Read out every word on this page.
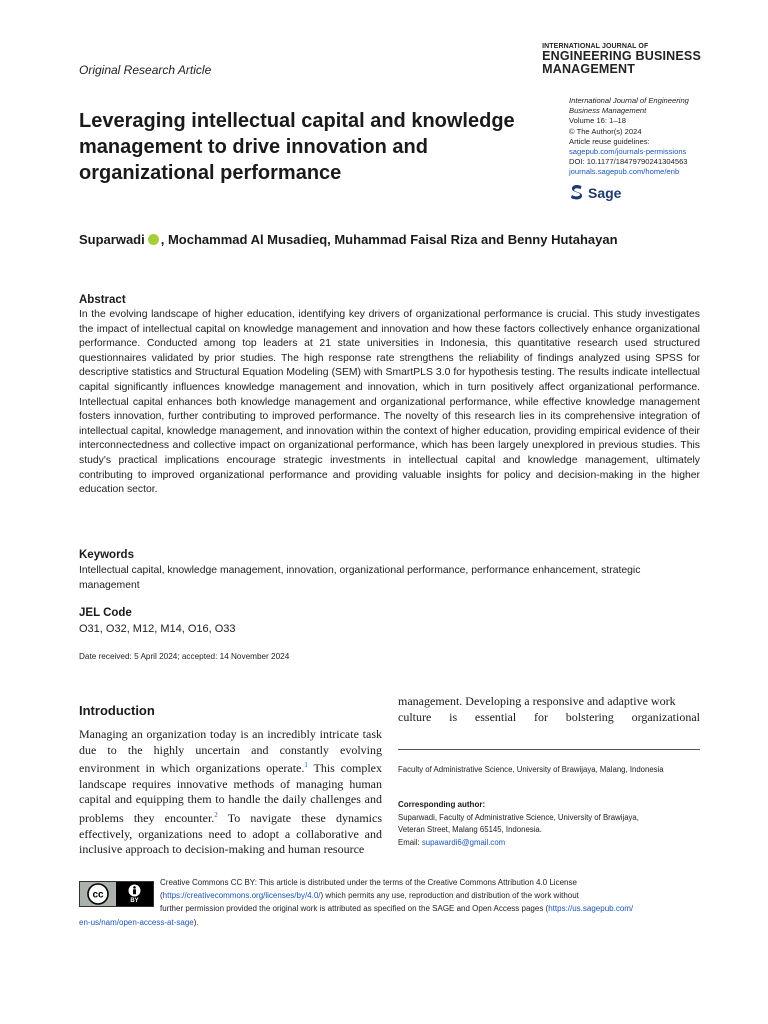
Original Research Article
INTERNATIONAL JOURNAL OF
ENGINEERING BUSINESS
MANAGEMENT
Leveraging intellectual capital and knowledge management to drive innovation and organizational performance
International Journal of Engineering
Business Management
Volume 16: 1–18
© The Author(s) 2024
Article reuse guidelines:
sagepub.com/journals-permissions
DOI: 10.1177/18479790241304563
journals.sagepub.com/home/enb
Sage
Suparwadi , Mochammad Al Musadieq, Muhammad Faisal Riza and Benny Hutahayan
Abstract
In the evolving landscape of higher education, identifying key drivers of organizational performance is crucial. This study investigates the impact of intellectual capital on knowledge management and innovation and how these factors collectively enhance organizational performance. Conducted among top leaders at 21 state universities in Indonesia, this quantitative research used structured questionnaires validated by prior studies. The high response rate strengthens the reliability of findings analyzed using SPSS for descriptive statistics and Structural Equation Modeling (SEM) with SmartPLS 3.0 for hypothesis testing. The results indicate intellectual capital significantly influences knowledge management and innovation, which in turn positively affect organizational performance. Intellectual capital enhances both knowledge management and organizational performance, while effective knowledge management fosters innovation, further contributing to improved performance. The novelty of this research lies in its comprehensive integration of intellectual capital, knowledge management, and innovation within the context of higher education, providing empirical evidence of their interconnectedness and collective impact on organizational performance, which has been largely unexplored in previous studies. This study's practical implications encourage strategic investments in intellectual capital and knowledge management, ultimately contributing to improved organizational performance and providing valuable insights for policy and decision-making in the higher education sector.
Keywords
Intellectual capital, knowledge management, innovation, organizational performance, performance enhancement, strategic management
JEL Code
O31, O32, M12, M14, O16, O33
Date received: 5 April 2024; accepted: 14 November 2024
Introduction
Managing an organization today is an incredibly intricate task due to the highly uncertain and constantly evolving environment in which organizations operate.$^1$ This complex landscape requires innovative methods of managing human capital and equipping them to handle the daily challenges and problems they encounter.$^2$ To navigate these dynamics effectively, organizations need to adopt a collaborative and inclusive approach to decision-making and human resource
management. Developing a responsive and adaptive work
culture is essential for bolstering organizational
Faculty of Administrative Science, University of Brawijaya, Malang, Indonesia
Corresponding author:
Suparwadi, Faculty of Administrative Science, University of Brawijaya,
Veteran Street, Malang 65145, Indonesia.
Email: supawardi6@gmail.com
cc
BY
Creative Commons CC BY: This article is distributed under the terms of the Creative Commons Attribution 4.0 License
(https://creativecommons.org/licenses/by/4.0/) which permits any use, reproduction and distribution of the work without
further permission provided the original work is attributed as specified on the SAGE and Open Access pages (https://us.sagepub.com/
en-us/nam/open-access-at-sage).
